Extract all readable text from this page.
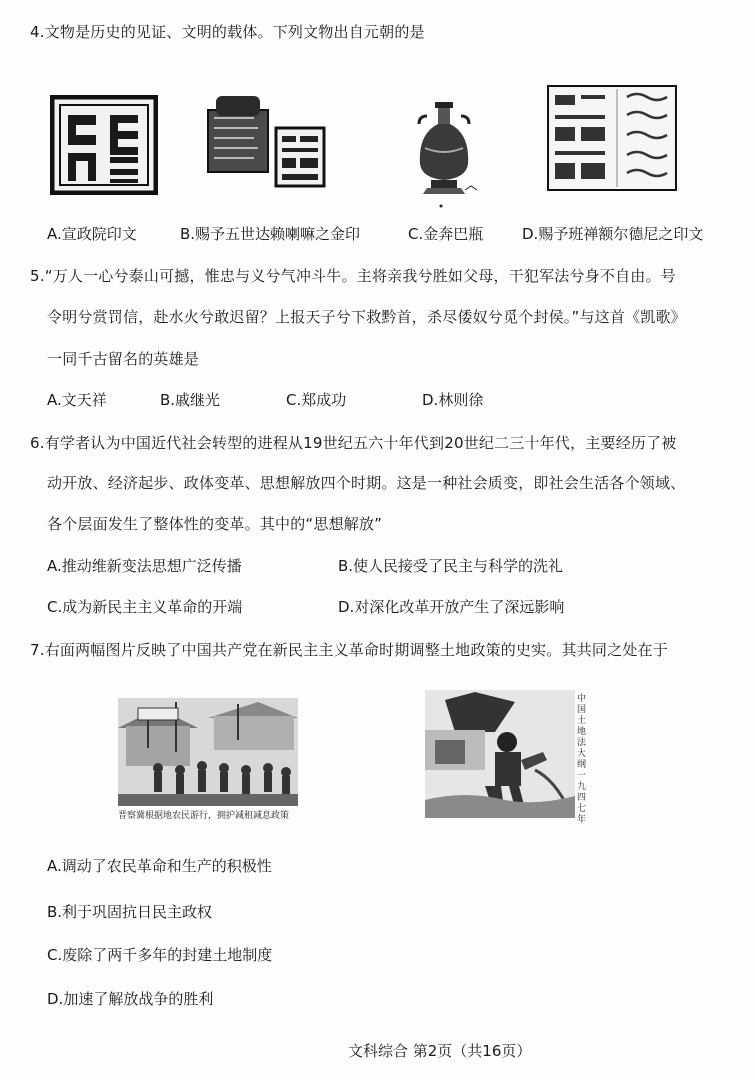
4.文物是历史的见证、文明的载体。下列文物出自元朝的是
A.宣政院印文	B.赐予五世达赖喇嘛之金印	C.金奔巴瓶	D.赐予班禅额尔德尼之印文
5.“万人一心兮泰山可撼，惟忠与义兮气冲斗牛。主将亲我兮胜如父母，干犯军法兮身不自由。号
令明兮赏罚信，赴水火兮敢迟留？上报天子兮下救黔首，杀尽倭奴兮觅个封侯。”与这首《凯歌》
一同千古留名的英雄是
A.文天祥	B.戚继光	C.郑成功	D.林则徐
6.有学者认为中国近代社会转型的进程从19世纪五六十年代到20世纪二三十年代，主要经历了被
动开放、经济起步、政体变革、思想解放四个时期。这是一种社会质变，即社会生活各个领域、
各个层面发生了整体性的变革。其中的“思想解放”
A.推动维新变法思想广泛传播	B.使人民接受了民主与科学的洗礼
C.成为新民主主义革命的开端	D.对深化改革开放产生了深远影响
7.右面两幅图片反映了中国共产党在新民主主义革命时期调整土地政策的史实。其共同之处在于
晋察冀根据地农民游行，拥护减租减息政策
中国土地法大纲 一九四七年
A.调动了农民革命和生产的积极性
B.利于巩固抗日民主政权
C.废除了两千多年的封建土地制度
D.加速了解放战争的胜利
文科综合 第2页（共16页）
